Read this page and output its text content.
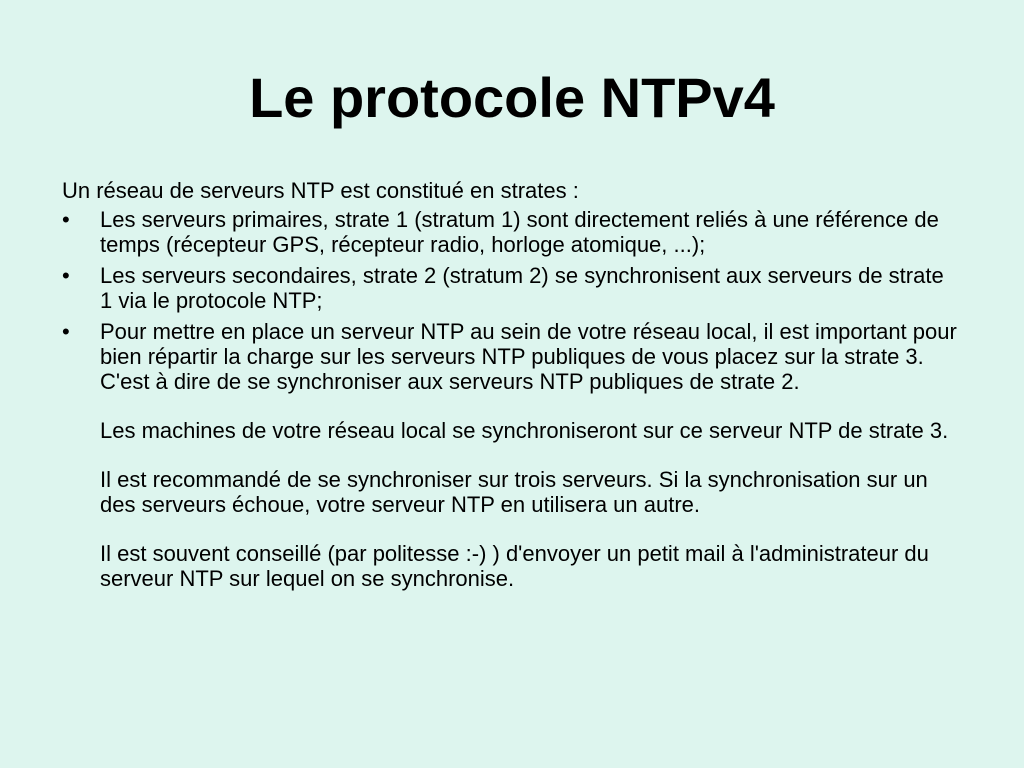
Le protocole NTPv4

Un réseau de serveurs NTP est constitué en strates :

•	Les serveurs primaires, strate 1 (stratum 1) sont directement reliés à une référence de temps (récepteur GPS, récepteur radio, horloge atomique, ...);
•	Les serveurs secondaires, strate 2 (stratum 2) se synchronisent aux serveurs de strate 1 via le protocole NTP;
•	Pour mettre en place un serveur NTP au sein de votre réseau local, il est important pour bien répartir la charge sur les serveurs NTP publiques de vous placez sur la strate 3. C'est à dire de se synchroniser aux serveurs NTP publiques de strate 2.
Les machines de votre réseau local se synchroniseront sur ce serveur NTP de strate 3.
Il est recommandé de se synchroniser sur trois serveurs. Si la synchronisation sur un des serveurs échoue, votre serveur NTP en utilisera un autre.
Il est souvent conseillé (par politesse :-) ) d'envoyer un petit mail à l'administrateur du serveur NTP sur lequel on se synchronise.
